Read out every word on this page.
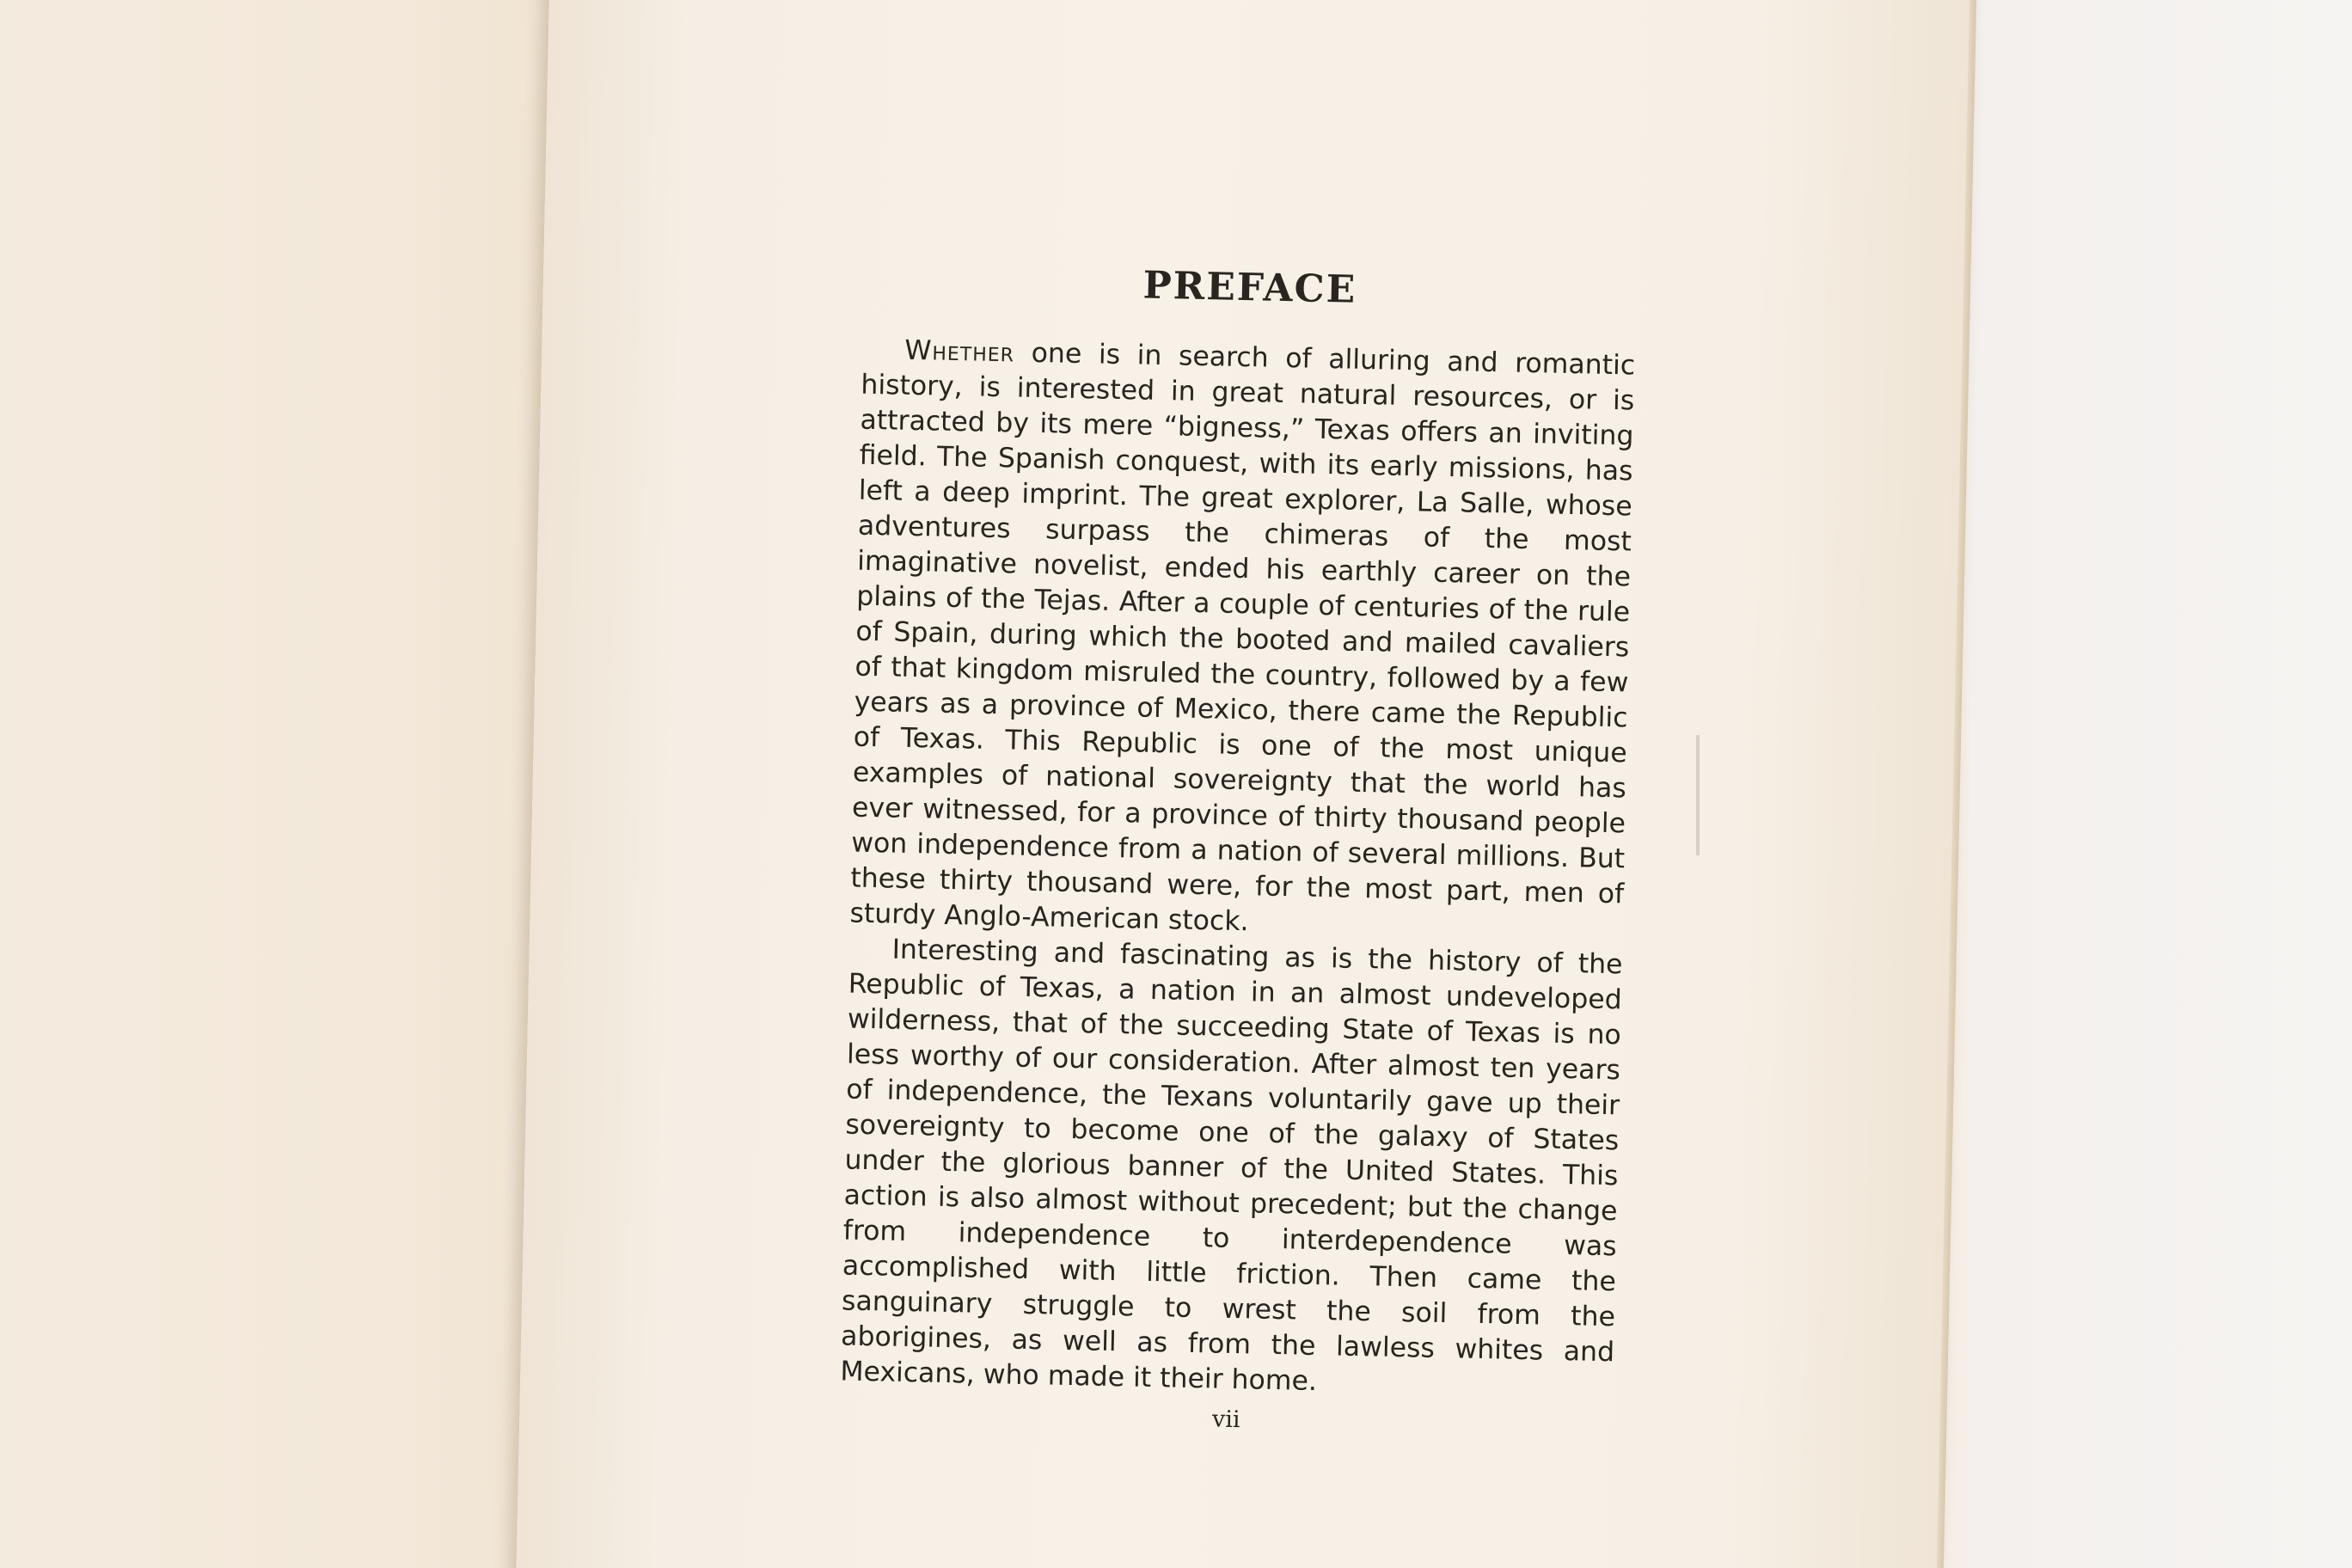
PREFACE

Whether one is in search of alluring and romantic history, is interested in great natural resources, or is attracted by its mere “bigness,” Texas offers an inviting field. The Spanish conquest, with its early missions, has left a deep imprint. The great explorer, La Salle, whose adventures surpass the chimeras of the most imaginative novelist, ended his earthly career on the plains of the Tejas. After a couple of centuries of the rule of Spain, during which the booted and mailed cavaliers of that kingdom misruled the country, followed by a few years as a province of Mexico, there came the Republic of Texas. This Republic is one of the most unique examples of national sovereignty that the world has ever witnessed, for a province of thirty thousand people won independence from a nation of several millions. But these thirty thousand were, for the most part, men of sturdy Anglo-American stock.

Interesting and fascinating as is the history of the Republic of Texas, a nation in an almost undeveloped wilderness, that of the succeeding State of Texas is no less worthy of our consideration. After almost ten years of independence, the Texans voluntarily gave up their sovereignty to become one of the galaxy of States under the glorious banner of the United States. This action is also almost without precedent; but the change from independence to interdependence was accomplished with little friction. Then came the sanguinary struggle to wrest the soil from the aborigines, as well as from the lawless whites and Mexicans, who made it their home.

vii
